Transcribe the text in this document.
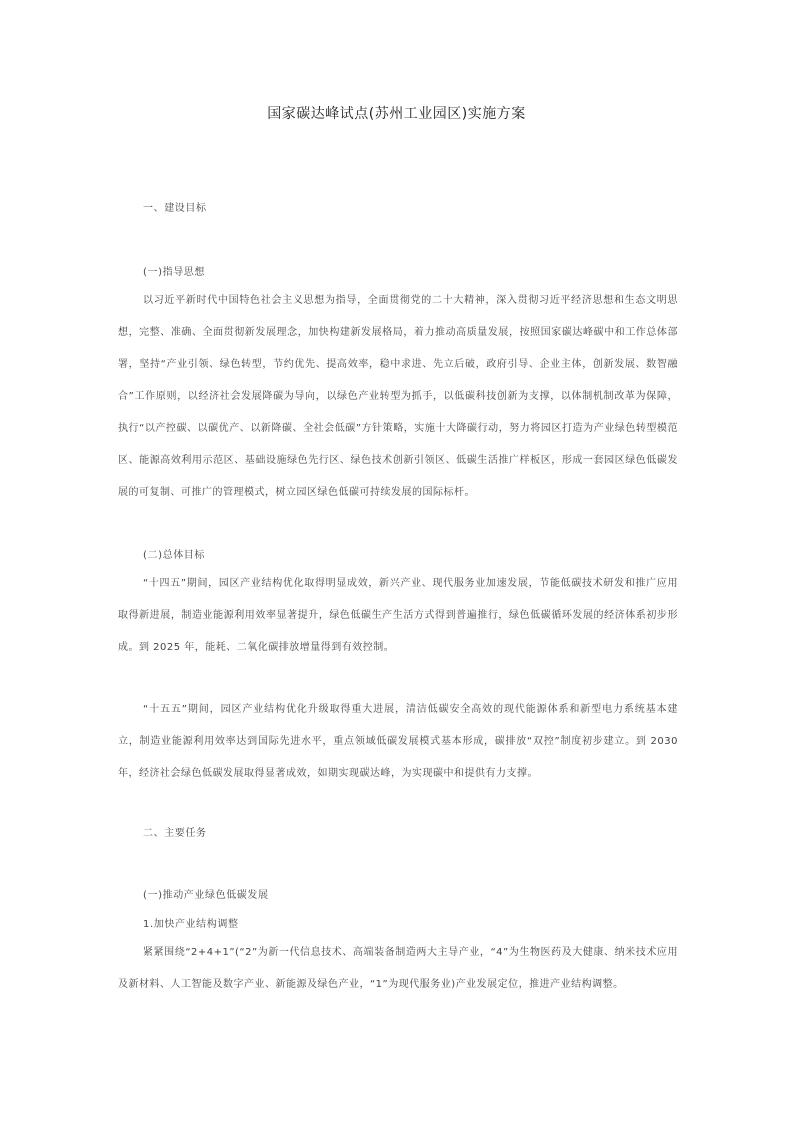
国家碳达峰试点(苏州工业园区)实施方案
一、建设目标
(一)指导思想
以习近平新时代中国特色社会主义思想为指导，全面贯彻党的二十大精神，深入贯彻习近平经济思想和生态文明思想，完整、准确、全面贯彻新发展理念，加快构建新发展格局，着力推动高质量发展，按照国家碳达峰碳中和工作总体部署，坚持“产业引领、绿色转型，节约优先、提高效率，稳中求进、先立后破，政府引导、企业主体，创新发展、数智融合”工作原则，以经济社会发展降碳为导向，以绿色产业转型为抓手，以低碳科技创新为支撑，以体制机制改革为保障，执行“以产控碳、以碳优产、以新降碳、全社会低碳”方针策略，实施十大降碳行动，努力将园区打造为产业绿色转型模范区、能源高效利用示范区、基础设施绿色先行区、绿色技术创新引领区、低碳生活推广样板区，形成一套园区绿色低碳发展的可复制、可推广的管理模式，树立园区绿色低碳可持续发展的国际标杆。
(二)总体目标
“十四五”期间，园区产业结构优化取得明显成效，新兴产业、现代服务业加速发展，节能低碳技术研发和推广应用取得新进展，制造业能源利用效率显著提升，绿色低碳生产生活方式得到普遍推行，绿色低碳循环发展的经济体系初步形成。到 2025 年，能耗、二氧化碳排放增量得到有效控制。
“十五五”期间，园区产业结构优化升级取得重大进展，清洁低碳安全高效的现代能源体系和新型电力系统基本建立，制造业能源利用效率达到国际先进水平，重点领域低碳发展模式基本形成，碳排放“双控”制度初步建立。到 2030 年，经济社会绿色低碳发展取得显著成效，如期实现碳达峰，为实现碳中和提供有力支撑。
二、主要任务
(一)推动产业绿色低碳发展
1.加快产业结构调整
紧紧围绕“2+4+1”(“2”为新一代信息技术、高端装备制造两大主导产业，“4”为生物医药及大健康、纳米技术应用及新材料、人工智能及数字产业、新能源及绿色产业，“1”为现代服务业)产业发展定位，推进产业结构调整。
